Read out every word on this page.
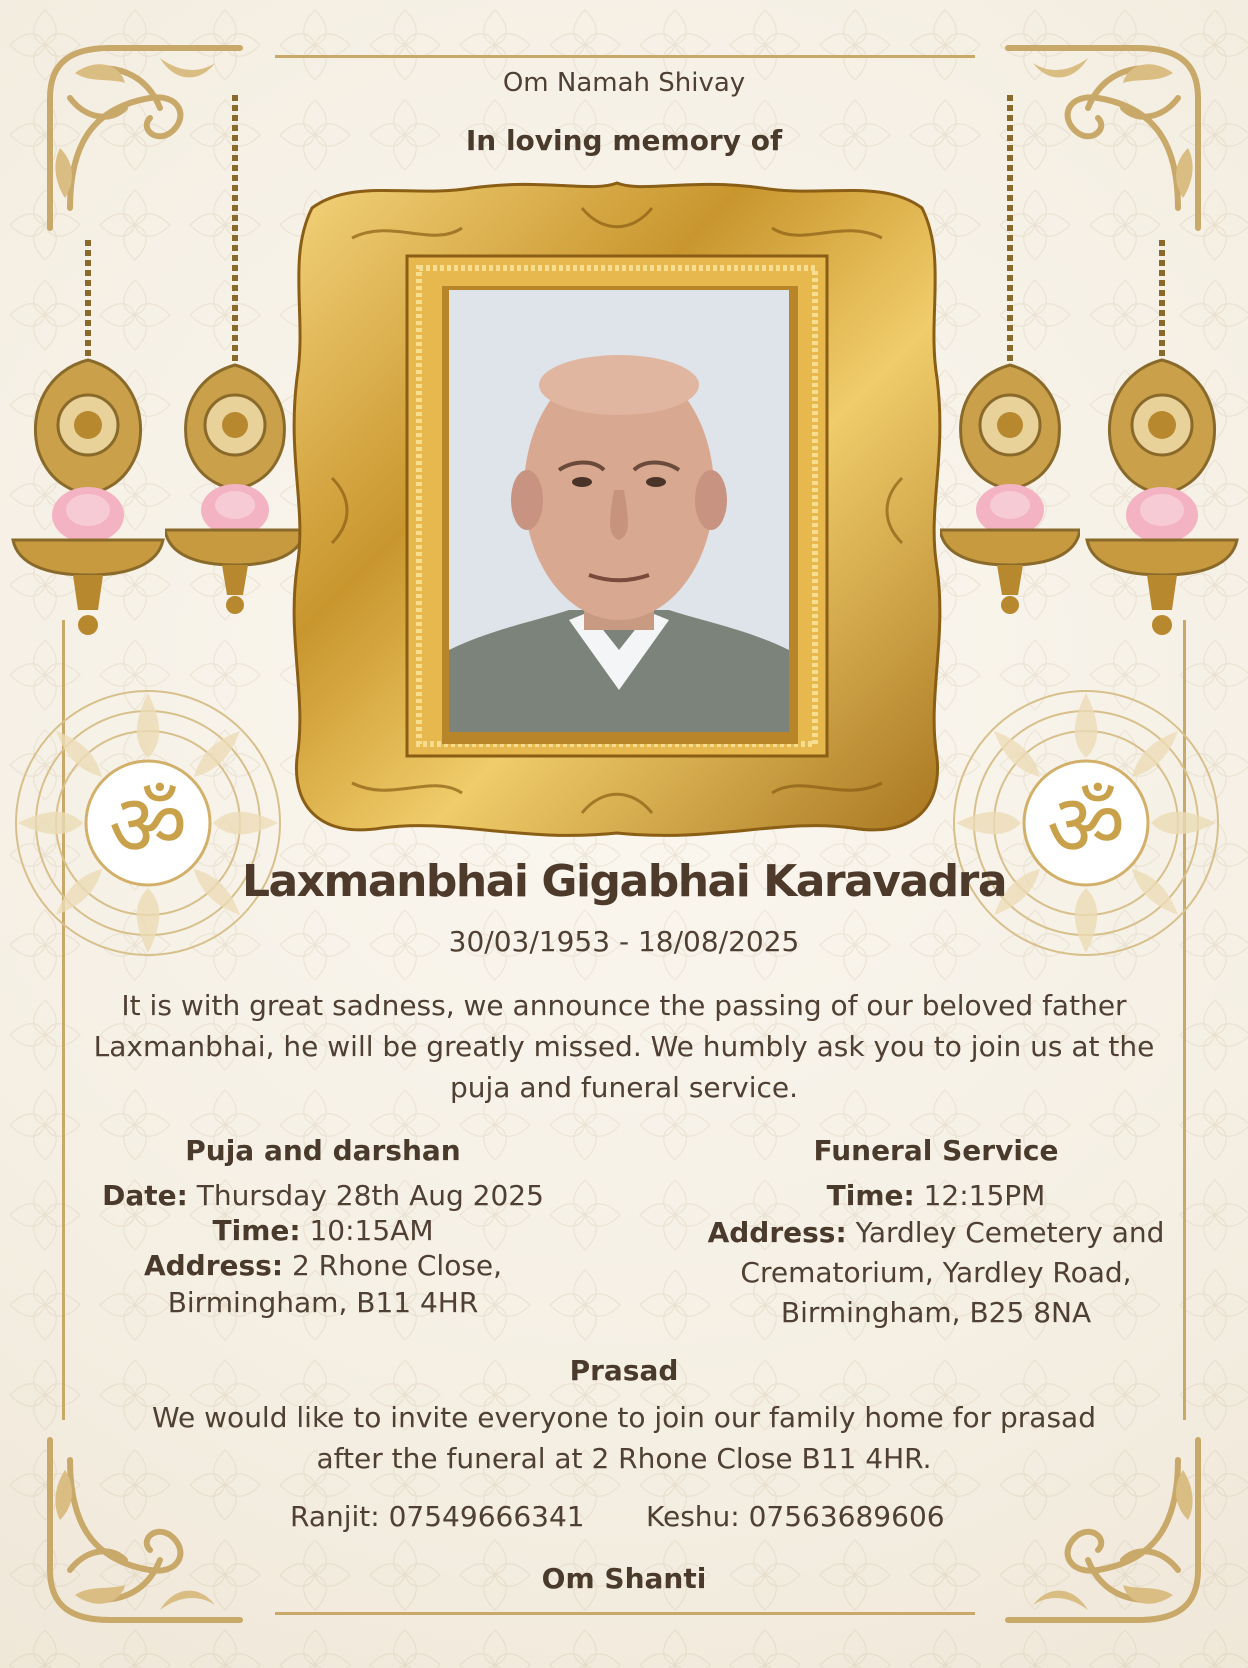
ॐ	ॐ
Om Namah Shivay
In loving memory of
Laxmanbhai Gigabhai Karavadra
30/03/1953 - 18/08/2025
It is with great sadness, we announce the passing of our beloved father Laxmanbhai, he will be greatly missed. We humbly ask you to join us at the puja and funeral service.
Puja and darshan
Date: Thursday 28th Aug 2025
Time: 10:15AM
Address: 2 Rhone Close,
Birmingham, B11 4HR
Funeral Service
Time: 12:15PM
Address: Yardley Cemetery and
Crematorium, Yardley Road,
Birmingham, B25 8NA
Prasad
We would like to invite everyone to join our family home for prasad after the funeral at 2 Rhone Close B11 4HR.
Ranjit: 07549666341 Keshu: 07563689606
Om Shanti
